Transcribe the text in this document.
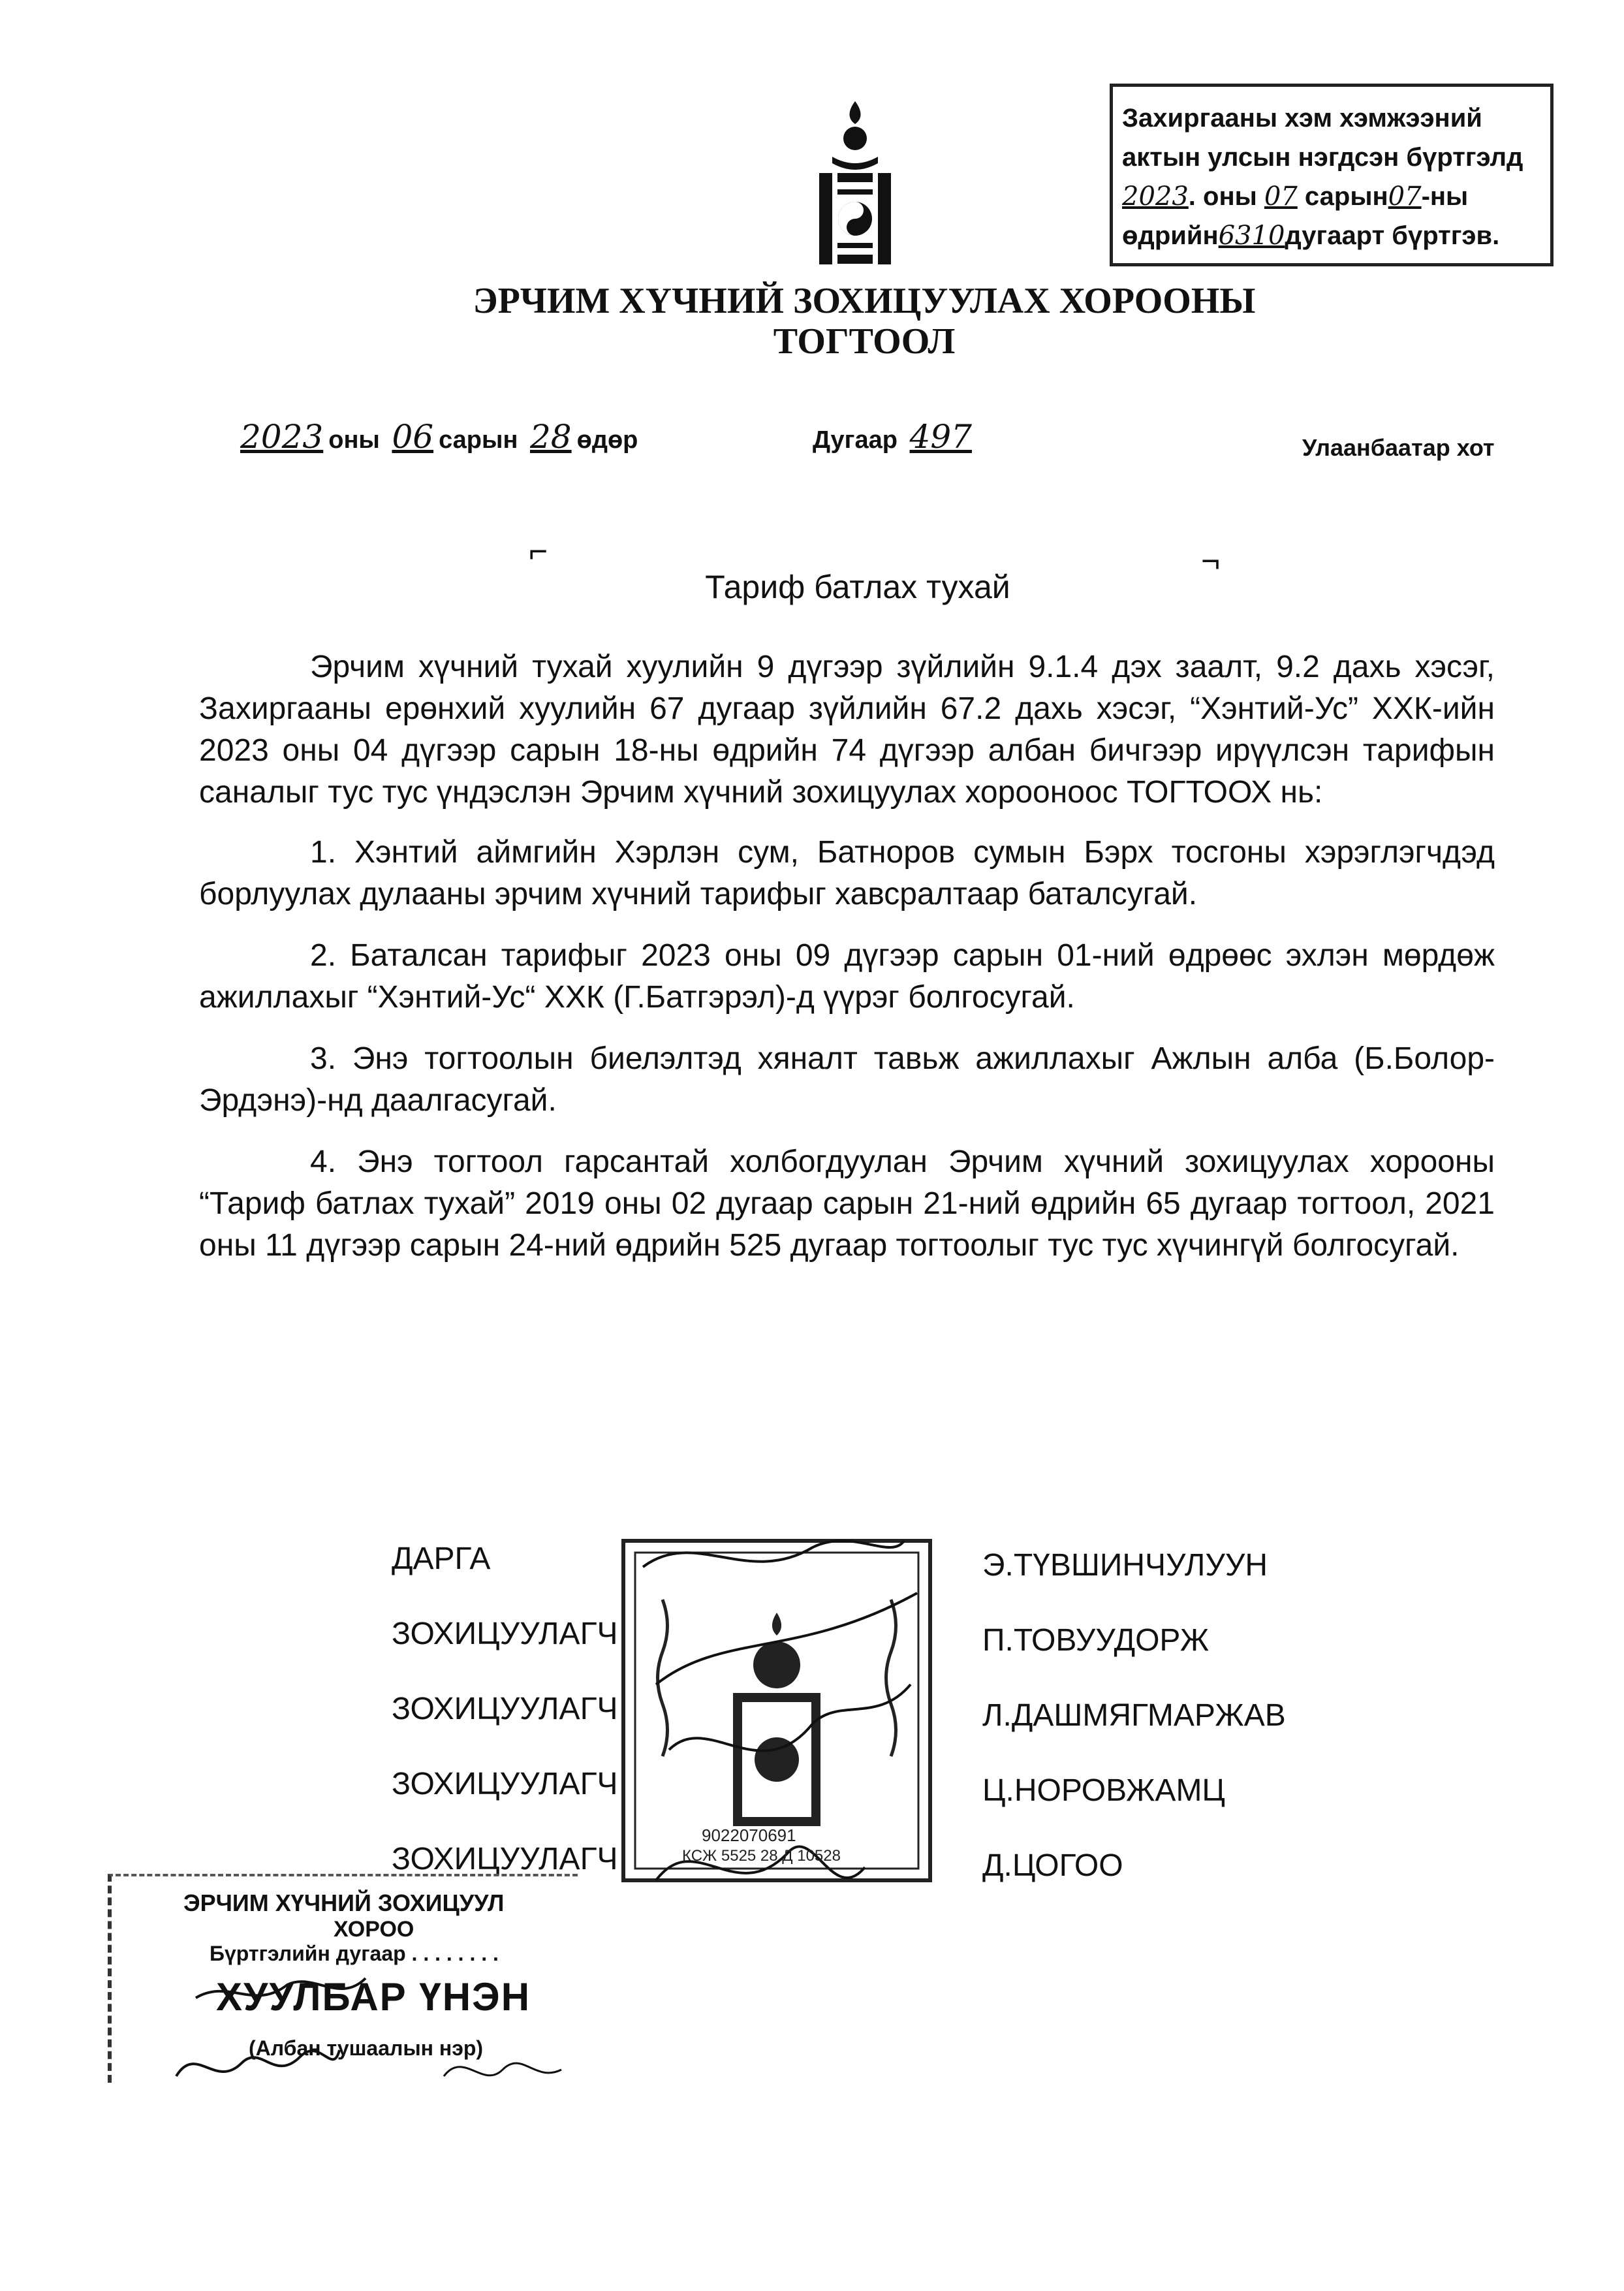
Захиргааны хэм хэмжээний
актын улсын нэгдсэн бүртгэлд
2023. оны 07 сарын07-ны
өдрийн6310дугаарт бүртгэв.
ЭРЧИМ ХҮЧНИЙ ЗОХИЦУУЛАХ ХОРООНЫ
ТОГТООЛ
2023 оны 06 сарын 28 өдөр	Дугаар 497	Улаанбаатар хот
⌐	¬
Тариф батлах тухай

Эрчим хүчний тухай хуулийн 9 дүгээр зүйлийн 9.1.4 дэх заалт, 9.2 дахь хэсэг, Захиргааны ерөнхий хуулийн 67 дугаар зүйлийн 67.2 дахь хэсэг, “Хэнтий-Ус” ХХК-ийн 2023 оны 04 дүгээр сарын 18-ны өдрийн 74 дүгээр албан бичгээр ирүүлсэн тарифын саналыг тус тус үндэслэн Эрчим хүчний зохицуулах хорооноос ТОГТООХ нь:

1. Хэнтий аймгийн Хэрлэн сум, Батноров сумын Бэрх тосгоны хэрэглэгчдэд борлуулах дулааны эрчим хүчний тарифыг хавсралтаар баталсугай.

2. Баталсан тарифыг 2023 оны 09 дүгээр сарын 01-ний өдрөөс эхлэн мөрдөж ажиллахыг “Хэнтий-Ус“ ХХК (Г.Батгэрэл)-д үүрэг болгосугай.

3. Энэ тогтоолын биелэлтэд хяналт тавьж ажиллахыг Ажлын алба (Б.Болор-Эрдэнэ)-нд даалгасугай.

4. Энэ тогтоол гарсантай холбогдуулан Эрчим хүчний зохицуулах хорооны “Тариф батлах тухай” 2019 оны 02 дугаар сарын 21-ний өдрийн 65 дугаар тогтоол, 2021 оны 11 дүгээр сарын 24-ний өдрийн 525 дугаар тогтоолыг тус тус хүчингүй болгосугай.

9022070691
КСЖ 5525 28 Д 10528
ДАРГА	Э.ТҮВШИНЧУЛУУН
ЗОХИЦУУЛАГЧ	П.ТОВУУДОРЖ
ЗОХИЦУУЛАГЧ	Л.ДАШМЯГМАРЖАВ
ЗОХИЦУУЛАГЧ	Ц.НОРОВЖАМЦ
ЗОХИЦУУЛАГЧ	Д.ЦОГОО
ЭРЧИМ ХҮЧНИЙ ЗОХИЦУУЛ
ХОРОО
Бүртгэлийн дугаар . . . . . . . .
ХУУЛБАР ҮНЭН
(Албан тушаалын нэр)
